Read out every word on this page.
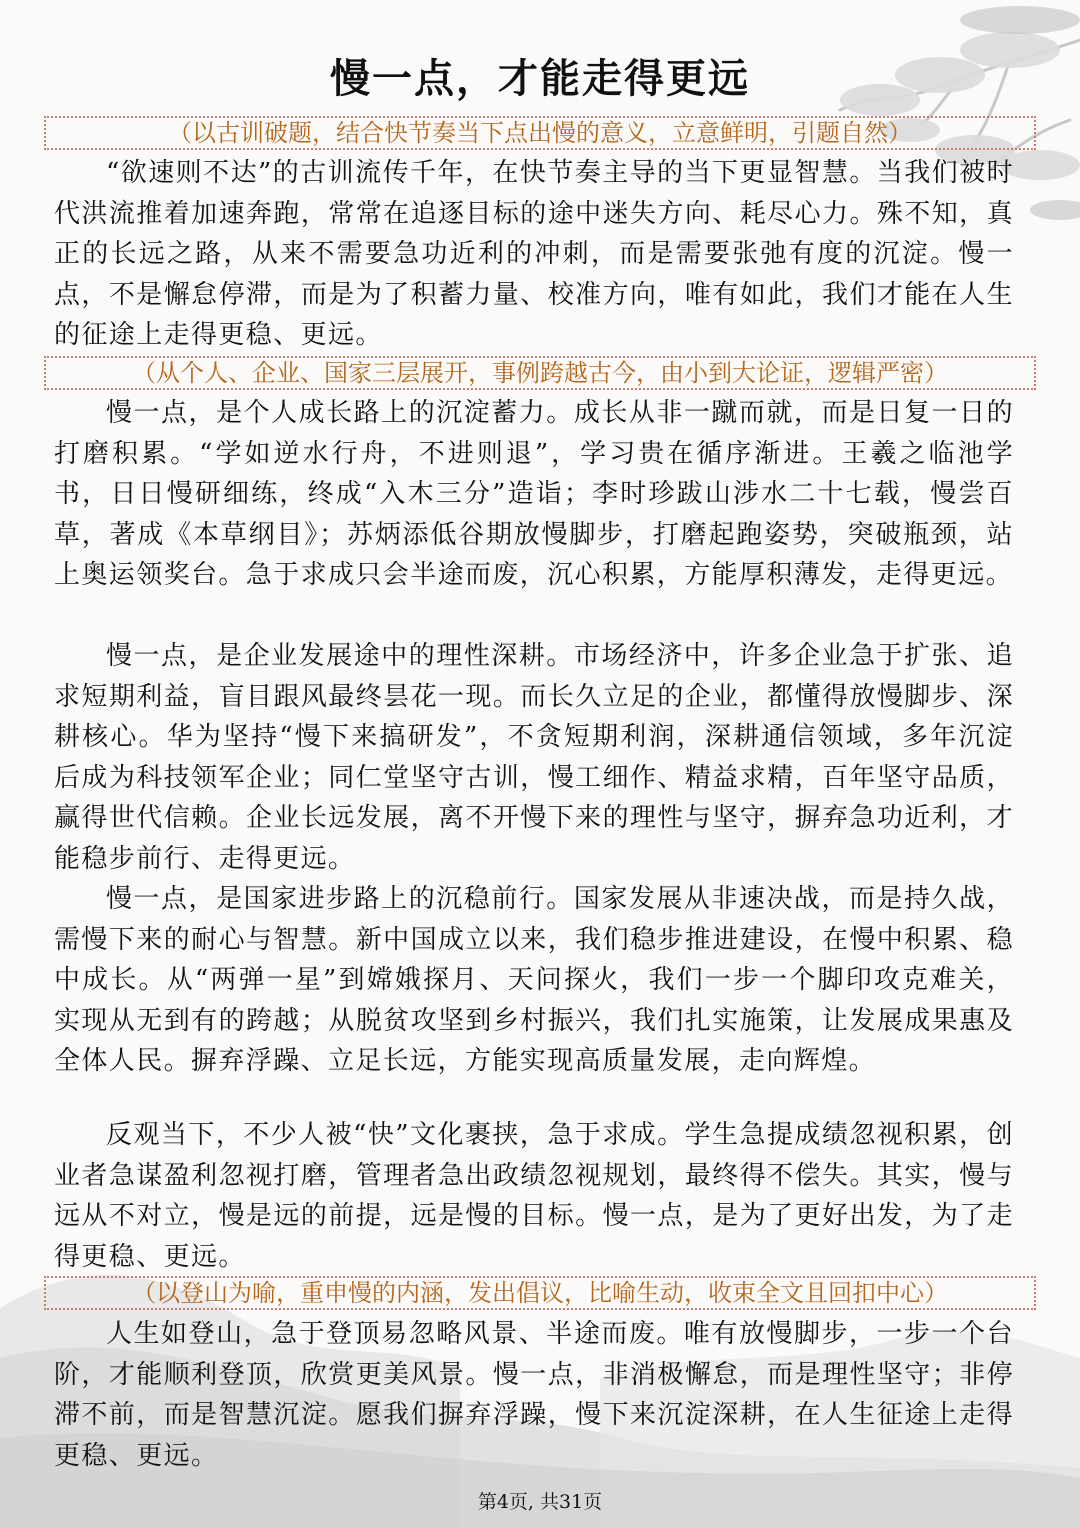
慢一点，才能走得更远
（以古训破题，结合快节奏当下点出慢的意义，立意鲜明，引题自然）

“欲速则不达”的古训流传千年，在快节奏主导的当下更显智慧。当我们被时代洪流推着加速奔跑，常常在追逐目标的途中迷失方向、耗尽心力。殊不知，真正的长远之路，从来不需要急功近利的冲刺，而是需要张弛有度的沉淀。慢一点，不是懈怠停滞，而是为了积蓄力量、校准方向，唯有如此，我们才能在人生的征途上走得更稳、更远。

（从个人、企业、国家三层展开，事例跨越古今，由小到大论证，逻辑严密）

慢一点，是个人成长路上的沉淀蓄力。成长从非一蹴而就，而是日复一日的打磨积累。“学如逆水行舟，不进则退”，学习贵在循序渐进。王羲之临池学书，日日慢研细练，终成“入木三分”造诣；李时珍跋山涉水二十七载，慢尝百草，著成《本草纲目》；苏炳添低谷期放慢脚步，打磨起跑姿势，突破瓶颈，站上奥运领奖台。急于求成只会半途而废，沉心积累，方能厚积薄发，走得更远。

慢一点，是企业发展途中的理性深耕。市场经济中，许多企业急于扩张、追求短期利益，盲目跟风最终昙花一现。而长久立足的企业，都懂得放慢脚步、深耕核心。华为坚持“慢下来搞研发”，不贪短期利润，深耕通信领域，多年沉淀后成为科技领军企业；同仁堂坚守古训，慢工细作、精益求精，百年坚守品质，赢得世代信赖。企业长远发展，离不开慢下来的理性与坚守，摒弃急功近利，才能稳步前行、走得更远。

慢一点，是国家进步路上的沉稳前行。国家发展从非速决战，而是持久战，需慢下来的耐心与智慧。新中国成立以来，我们稳步推进建设，在慢中积累、稳中成长。从“两弹一星”到嫦娥探月、天问探火，我们一步一个脚印攻克难关，实现从无到有的跨越；从脱贫攻坚到乡村振兴，我们扎实施策，让发展成果惠及全体人民。摒弃浮躁、立足长远，方能实现高质量发展，走向辉煌。

反观当下，不少人被“快”文化裹挟，急于求成。学生急提成绩忽视积累，创业者急谋盈利忽视打磨，管理者急出政绩忽视规划，最终得不偿失。其实，慢与远从不对立，慢是远的前提，远是慢的目标。慢一点，是为了更好出发，为了走得更稳、更远。

（以登山为喻，重申慢的内涵，发出倡议，比喻生动，收束全文且回扣中心）

人生如登山，急于登顶易忽略风景、半途而废。唯有放慢脚步，一步一个台阶，才能顺利登顶，欣赏更美风景。慢一点，非消极懈怠，而是理性坚守；非停滞不前，而是智慧沉淀。愿我们摒弃浮躁，慢下来沉淀深耕，在人生征途上走得更稳、更远。

第4页, 共31页
